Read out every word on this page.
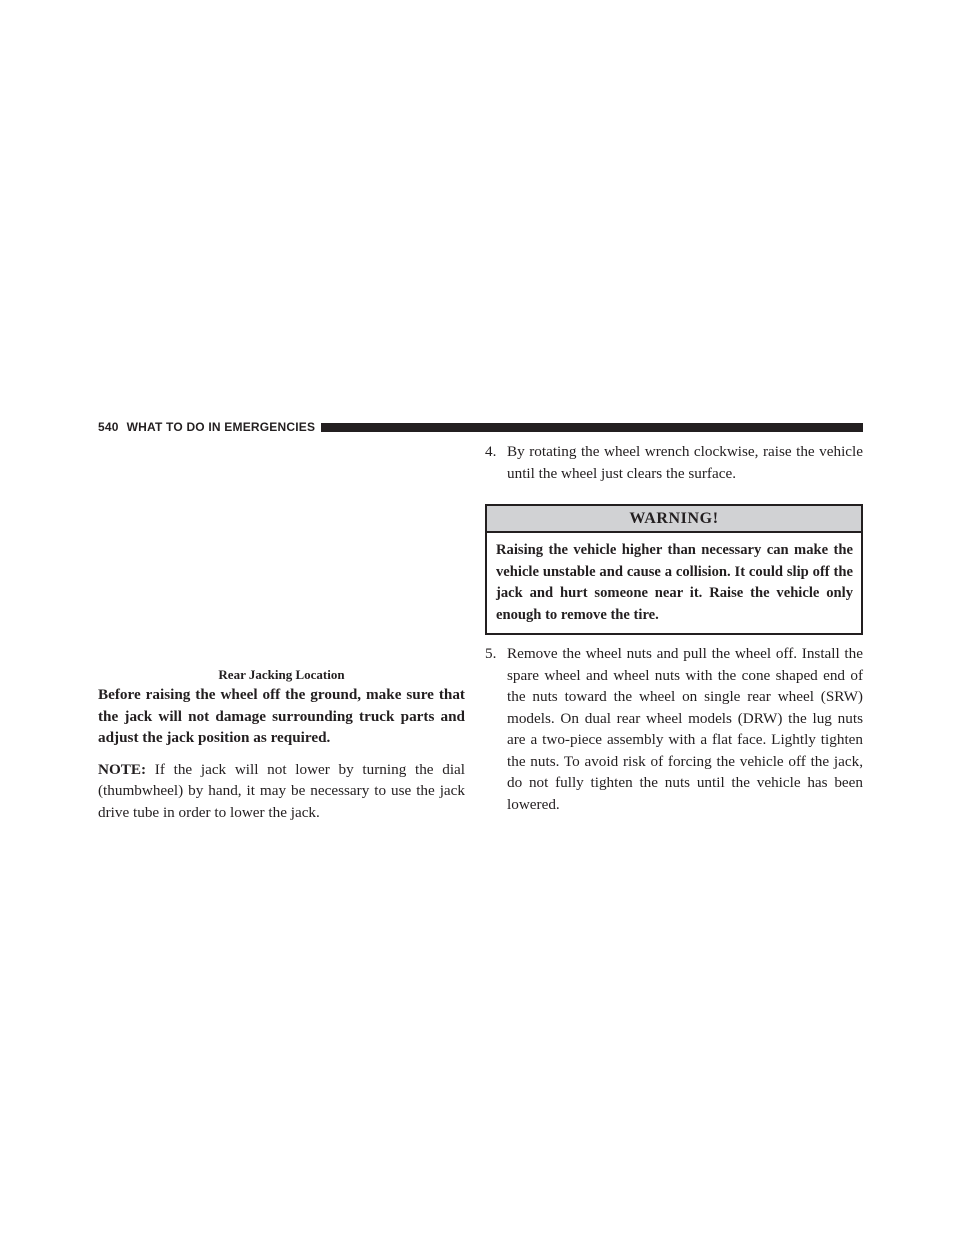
540 WHAT TO DO IN EMERGENCIES
Rear Jacking Location

Before raising the wheel off the ground, make sure that the jack will not damage surrounding truck parts and adjust the jack position as required.

NOTE: If the jack will not lower by turning the dial (thumbwheel) by hand, it may be necessary to use the jack drive tube in order to lower the jack.

4. By rotating the wheel wrench clockwise, raise the vehicle until the wheel just clears the surface.
WARNING!
Raising the vehicle higher than necessary can make the vehicle unstable and cause a collision. It could slip off the jack and hurt someone near it. Raise the vehicle only enough to remove the tire.
5. Remove the wheel nuts and pull the wheel off. Install the spare wheel and wheel nuts with the cone shaped end of the nuts toward the wheel on single rear wheel (SRW) models. On dual rear wheel models (DRW) the lug nuts are a two-piece assembly with a flat face. Lightly tighten the nuts. To avoid risk of forcing the vehicle off the jack, do not fully tighten the nuts until the vehicle has been lowered.
